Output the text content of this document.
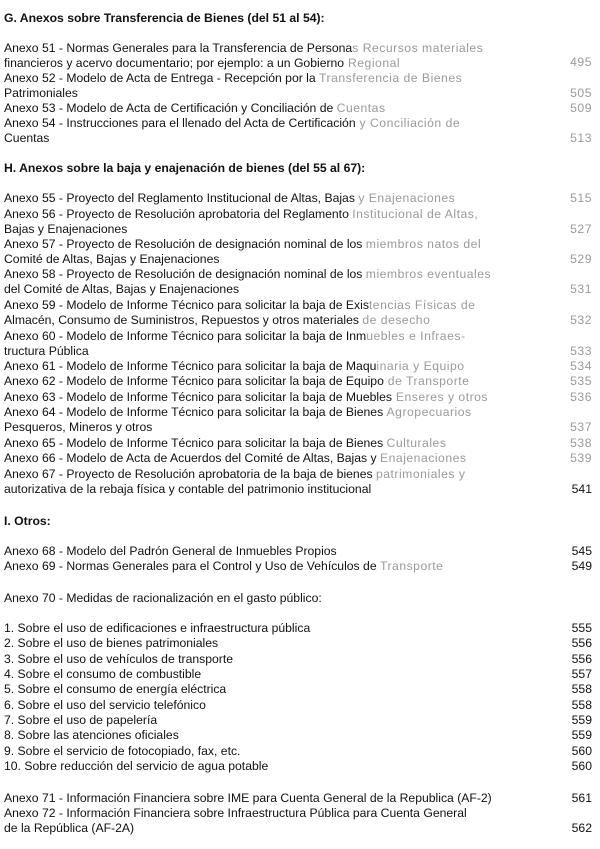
G. Anexos sobre Transferencia de Bienes (del 51 al 54):
Anexo 51 - Normas Generales para la Transferencia de Personas Recursos materiales
financieros y acervo documentario; por ejemplo: a un Gobierno Regional	495
Anexo 52 - Modelo de Acta de Entrega - Recepción por la Transferencia de Bienes
Patrimoniales	505
Anexo 53 - Modelo de Acta de Certificación y Conciliación de Cuentas	509
Anexo 54 - Instrucciones para el llenado del Acta de Certificación y Conciliación de
Cuentas	513
H. Anexos sobre la baja y enajenación de bienes (del 55 al 67):
Anexo 55 - Proyecto del Reglamento Institucional de Altas, Bajas y Enajenaciones	515
Anexo 56 - Proyecto de Resolución aprobatoria del Reglamento Institucional de Altas,
Bajas y Enajenaciones	527
Anexo 57 - Proyecto de Resolución de designación nominal de los miembros natos del
Comité de Altas, Bajas y Enajenaciones	529
Anexo 58 - Proyecto de Resolución de designación nominal de los miembros eventuales
del Comité de Altas, Bajas y Enajenaciones	531
Anexo 59 - Modelo de Informe Técnico para solicitar la baja de Existencias Físicas de
Almacén, Consumo de Suministros, Repuestos y otros materiales de desecho	532
Anexo 60 - Modelo de Informe Técnico para solicitar la baja de Inmuebles e Infraes-
tructura Pública	533
Anexo 61 - Modelo de Informe Técnico para solicitar la baja de Maquinaria y Equipo	534
Anexo 62 - Modelo de Informe Técnico para solicitar la baja de Equipo de Transporte	535
Anexo 63 - Modelo de Informe Técnico para solicitar la baja de Muebles Enseres y otros	536
Anexo 64 - Modelo de Informe Técnico para solicitar la baja de Bienes Agropecuarios
Pesqueros, Mineros y otros	537
Anexo 65 - Modelo de Informe Técnico para solicitar la baja de Bienes Culturales	538
Anexo 66 - Modelo de Acta de Acuerdos del Comité de Altas, Bajas y Enajenaciones	539
Anexo 67 - Proyecto de Resolución aprobatoria de la baja de bienes patrimoniales y
autorizativa de la rebaja física y contable del patrimonio institucional	541
I. Otros:
Anexo 68 - Modelo del Padrón General de Inmuebles Propios	545
Anexo 69 - Normas Generales para el Control y Uso de Vehículos de Transporte	549
Anexo 70 - Medidas de racionalización en el gasto público:
1. Sobre el uso de edificaciones e infraestructura pública	555
2. Sobre el uso de bienes patrimoniales	556
3. Sobre el uso de vehículos de transporte	556
4. Sobre el consumo de combustible	557
5. Sobre el consumo de energía eléctrica	558
6. Sobre el uso del servicio telefónico	558
7. Sobre el uso de papelería	559
8. Sobre las atenciones oficiales	559
9. Sobre el servicio de fotocopiado, fax, etc.	560
10. Sobre reducción del servicio de agua potable	560
Anexo 71 - Información Financiera sobre IME para Cuenta General de la Republica (AF-2)	561
Anexo 72 - Información Financiera sobre Infraestructura Pública para Cuenta General
de la República (AF-2A)	562
